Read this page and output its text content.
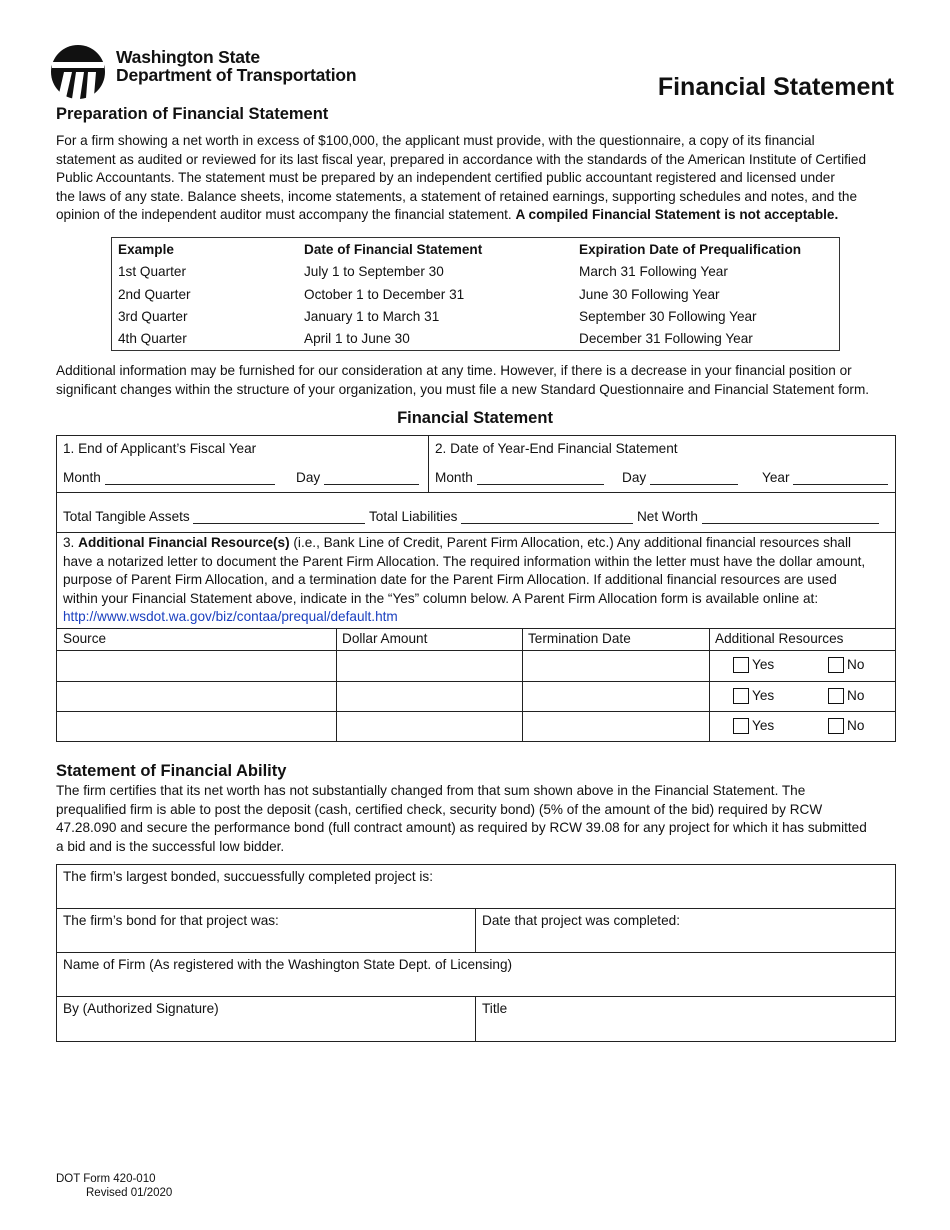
Washington State
Department of Transportation	Financial Statement
Preparation of Financial Statement
For a firm showing a net worth in excess of $100,000, the applicant must provide, with the questionnaire, a copy of its financial
statement as audited or reviewed for its last fiscal year, prepared in accordance with the standards of the American Institute of Certified
Public Accountants. The statement must be prepared by an independent certified public accountant registered and licensed under
the laws of any state. Balance sheets, income statements, a statement of retained earnings, supporting schedules and notes, and the
opinion of the independent auditor must accompany the financial statement. A compiled Financial Statement is not acceptable.
Example	Date of Financial Statement	Expiration Date of Prequalification
1st Quarter	July 1 to September 30	March 31 Following Year
2nd Quarter	October 1 to December 31	June 30 Following Year
3rd Quarter	January 1 to March 31	September 30 Following Year
4th Quarter	April 1 to June 30	December 31 Following Year
Additional information may be furnished for our consideration at any time. However, if there is a decrease in your financial position or
significant changes within the structure of your organization, you must file a new Standard Questionnaire and Financial Statement form.
Financial Statement
1. End of Applicant’s Fiscal Year	2. Date of Year-End Financial Statement
Month	Day	Month	Day	Year
Total Tangible Assets	Total Liabilities	Net Worth
3. Additional Financial Resource(s) (i.e., Bank Line of Credit, Parent Firm Allocation, etc.) Any additional financial resources shall
have a notarized letter to document the Parent Firm Allocation. The required information within the letter must have the dollar amount,
purpose of Parent Firm Allocation, and a termination date for the Parent Firm Allocation. If additional financial resources are used
within your Financial Statement above, indicate in the “Yes” column below. A Parent Firm Allocation form is available online at:
http://www.wsdot.wa.gov/biz/contaa/prequal/default.htm
Source	Dollar Amount	Termination Date	Additional Resources
Yes	No
Yes	No
Yes	No
Statement of Financial Ability
The firm certifies that its net worth has not substantially changed from that sum shown above in the Financial Statement. The
prequalified firm is able to post the deposit (cash, certified check, security bond) (5% of the amount of the bid) required by RCW
47.28.090 and secure the performance bond (full contract amount) as required by RCW 39.08 for any project for which it has submitted
a bid and is the successful low bidder.
The firm’s largest bonded, succuessfully completed project is:
The firm’s bond for that project was:	Date that project was completed:
Name of Firm (As registered with the Washington State Dept. of Licensing)
By (Authorized Signature)	Title
DOT Form 420-010
Revised 01/2020
